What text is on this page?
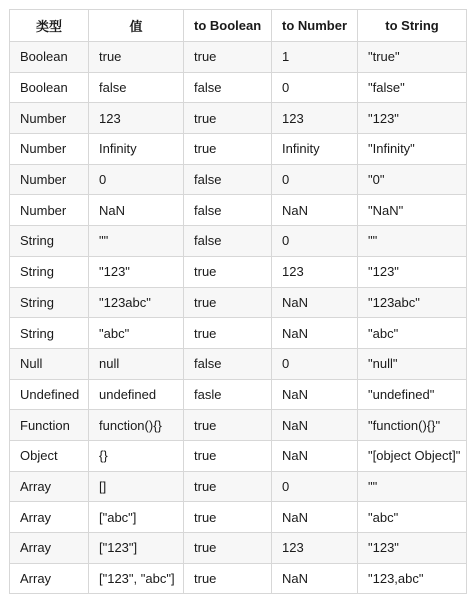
类型	值	to Boolean	to Number	to String
Boolean	true	true	1	"true"
Boolean	false	false	0	"false"
Number	123	true	123	"123"
Number	Infinity	true	Infinity	"Infinity"
Number	0	false	0	"0"
Number	NaN	false	NaN	"NaN"
String	""	false	0	""
String	"123"	true	123	"123"
String	"123abc"	true	NaN	"123abc"
String	"abc"	true	NaN	"abc"
Null	null	false	0	"null"
Undefined	undefined	fasle	NaN	"undefined"
Function	function(){}	true	NaN	"function(){}"
Object	{}	true	NaN	"[object Object]"
Array	[]	true	0	""
Array	["abc"]	true	NaN	"abc"
Array	["123"]	true	123	"123"
Array	["123", "abc"]	true	NaN	"123,abc"
